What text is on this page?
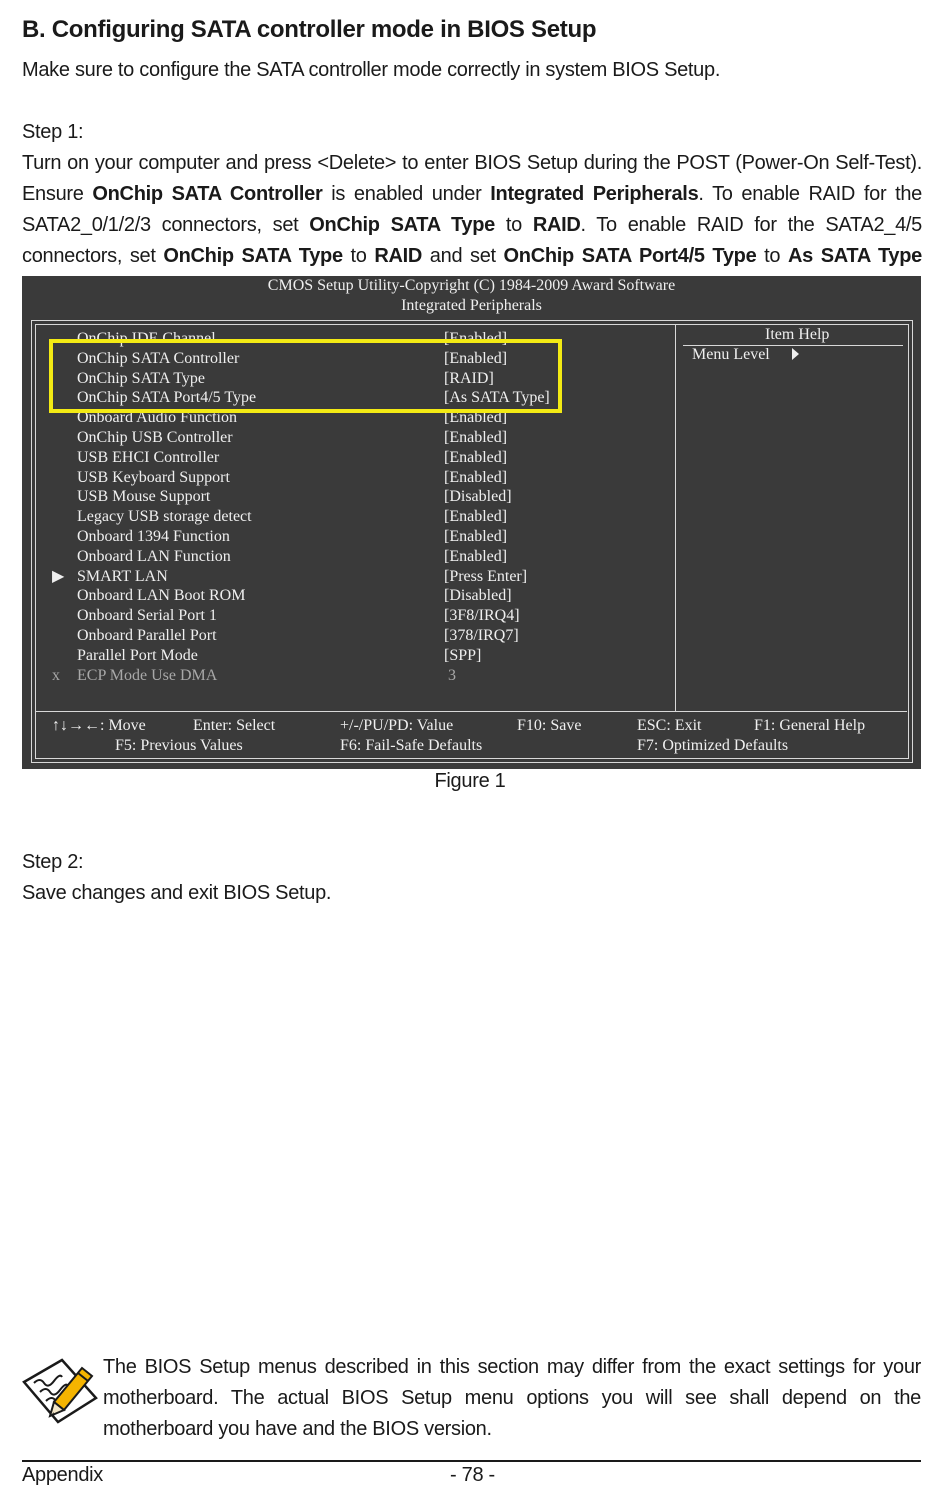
B. Configuring SATA controller mode in BIOS Setup
Make sure to configure the SATA controller mode correctly in system BIOS Setup.
Step 1:
Turn on your computer and press <Delete> to enter BIOS Setup during the POST (Power-On Self-Test). Ensure OnChip SATA Controller is enabled under Integrated Peripherals. To enable RAID for the SATA2_0/1/2/3 connectors, set OnChip SATA Type to RAID. To enable RAID for the SATA2_4/5 connectors, set OnChip SATA Type to RAID and set OnChip SATA Port4/5 Type to As SATA Type
CMOS Setup Utility-Copyright (C) 1984-2009 Award Software
Integrated Peripherals
OnChip IDE Channel	[Enabled]
OnChip SATA Controller	[Enabled]
OnChip SATA Type	[RAID]
OnChip SATA Port4/5 Type	[As SATA Type]
Onboard Audio Function	[Enabled]
OnChip USB Controller	[Enabled]
USB EHCI Controller	[Enabled]
USB Keyboard Support	[Enabled]
USB Mouse Support	[Disabled]
Legacy USB storage detect	[Enabled]
Onboard 1394 Function	[Enabled]
Onboard LAN Function	[Enabled]
▶ SMART LAN	[Press Enter]
Onboard LAN Boot ROM	[Disabled]
Onboard Serial Port 1	[3F8/IRQ4]
Onboard Parallel Port	[378/IRQ7]
Parallel Port Mode	[SPP]
x ECP Mode Use DMA	3
Item Help
Menu Level
↑↓→←: Move	Enter: Select	+/-/PU/PD: Value	F10: Save	ESC: Exit	F1: General Help
F5: Previous Values	F6: Fail-Safe Defaults	F7: Optimized Defaults
Figure 1
Step 2:
Save changes and exit BIOS Setup.
The BIOS Setup menus described in this section may differ from the exact settings for your motherboard. The actual BIOS Setup menu options you will see shall depend on the motherboard you have and the BIOS version.
Appendix	- 78 -
